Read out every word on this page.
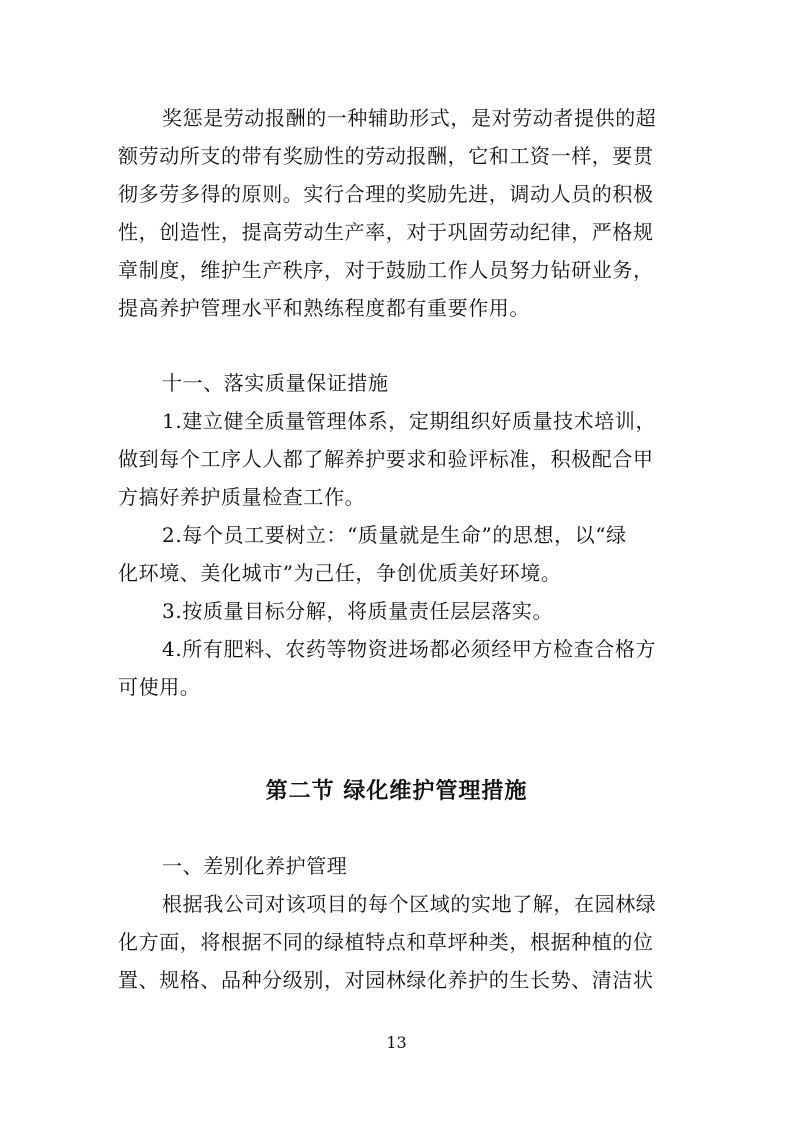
奖惩是劳动报酬的一种辅助形式，是对劳动者提供的超
额劳动所支的带有奖励性的劳动报酬，它和工资一样，要贯
彻多劳多得的原则。实行合理的奖励先进，调动人员的积极
性，创造性，提高劳动生产率，对于巩固劳动纪律，严格规
章制度，维护生产秩序，对于鼓励工作人员努力钻研业务，
提高养护管理水平和熟练程度都有重要作用。
十一、落实质量保证措施
1.建立健全质量管理体系，定期组织好质量技术培训，
做到每个工序人人都了解养护要求和验评标准，积极配合甲
方搞好养护质量检查工作。
2.每个员工要树立：“质量就是生命”的思想，以“绿
化环境、美化城市”为己任，争创优质美好环境。
3.按质量目标分解，将质量责任层层落实。
4.所有肥料、农药等物资进场都必须经甲方检查合格方
可使用。
第二节 绿化维护管理措施
一、差别化养护管理
根据我公司对该项目的每个区域的实地了解，在园林绿
化方面，将根据不同的绿植特点和草坪种类，根据种植的位
置、规格、品种分级别，对园林绿化养护的生长势、清洁状
13
